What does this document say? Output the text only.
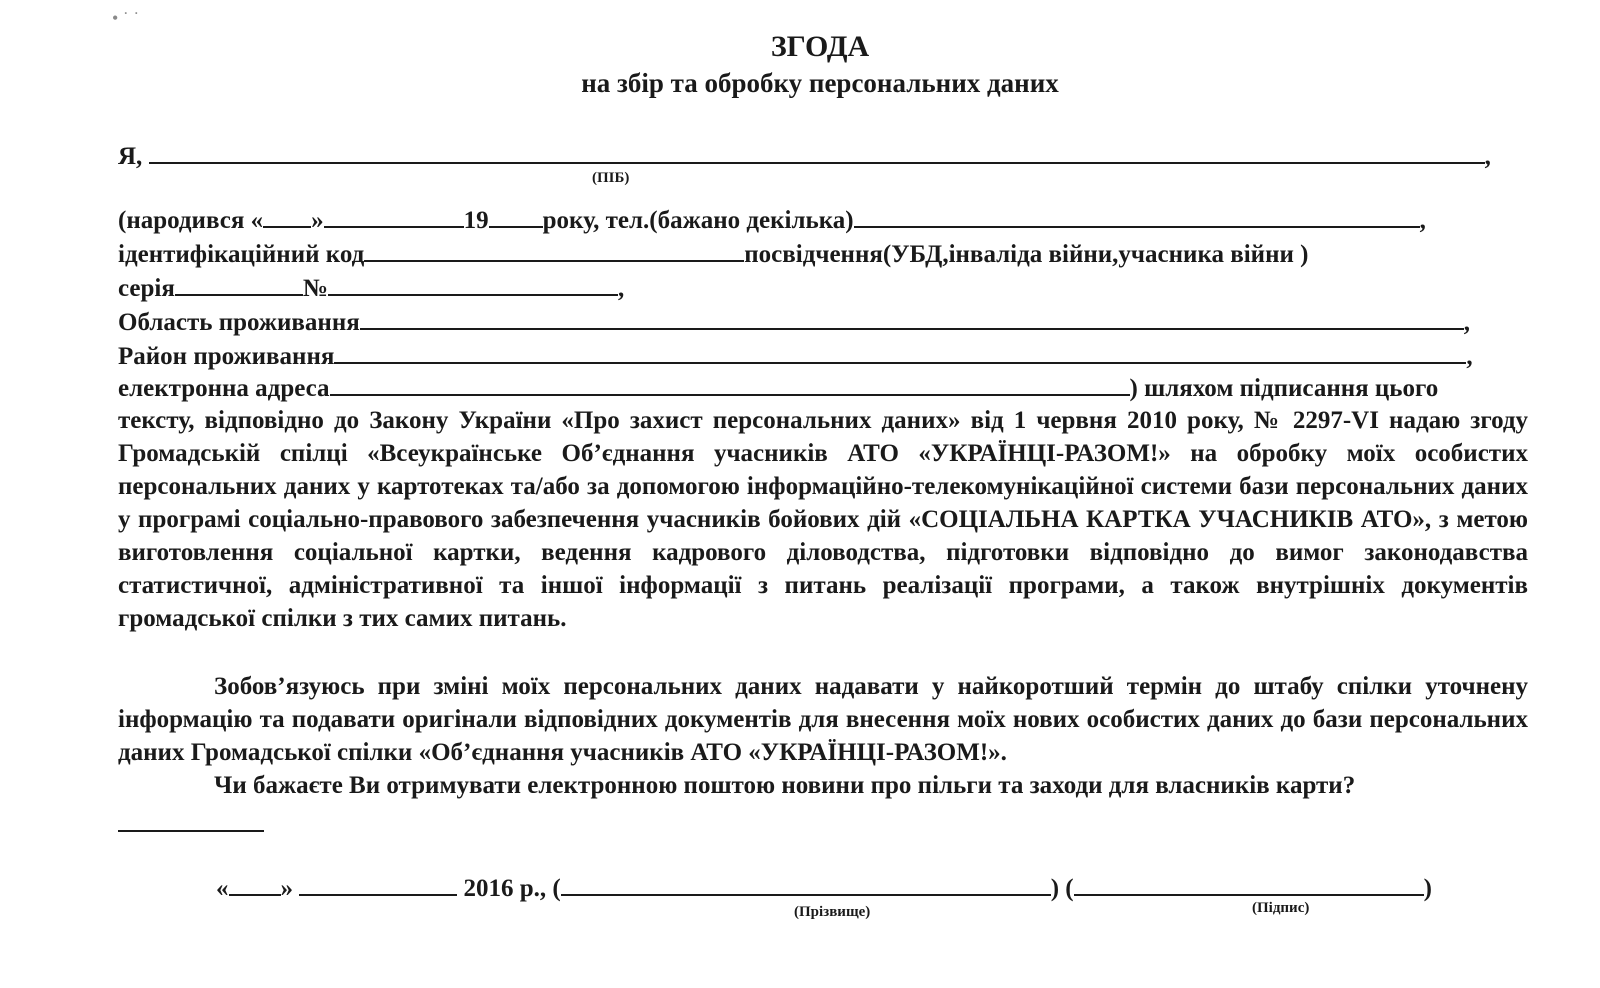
ЗГОДА
на збір та обробку персональних даних
• ˙ ˙
Я,	,
(ПІБ)
(народився « »	19 року, тел.(бажано декілька)	,
ідентифікаційний код	посвідчення(УБД,інваліда війни,учасника війни )
серія	№	,
Область проживання	,
Район проживання	,
електронна адреса	) шляхом підписання цього
тексту, відповідно до Закону України «Про захист персональних даних» від 1 червня 2010 року, № 2297-VI надаю згоду Громадській спілці «Всеукраїнське Об’єднання учасників АТО «УКРАЇНЦІ-РАЗОМ!» на обробку моїх особистих персональних даних у картотеках та/або за допомогою інформаційно-телекомунікаційної системи бази персональних даних у програмі соціально-правового забезпечення учасників бойових дій «СОЦІАЛЬНА КАРТКА УЧАСНИКІВ АТО», з метою виготовлення соціальної картки, ведення кадрового діловодства, підготовки відповідно до вимог законодавства статистичної, адміністративної та іншої інформації з питань реалізації програми, а також внутрішніх документів громадської спілки з тих самих питань.
Зобов’язуюсь при зміні моїх персональних даних надавати у найкоротший термін до штабу спілки уточнену інформацію та подавати оригінали відповідних документів для внесення моїх нових особистих даних до бази персональних даних Громадської спілки «Об’єднання учасників АТО «УКРАЇНЦІ-РАЗОМ!».
Чи бажаєте Ви отримувати електронною поштою новини про пільги та заходи для власників карти?
« »	2016 р., (	) (	)
(Прізвище)	(Підпис)
